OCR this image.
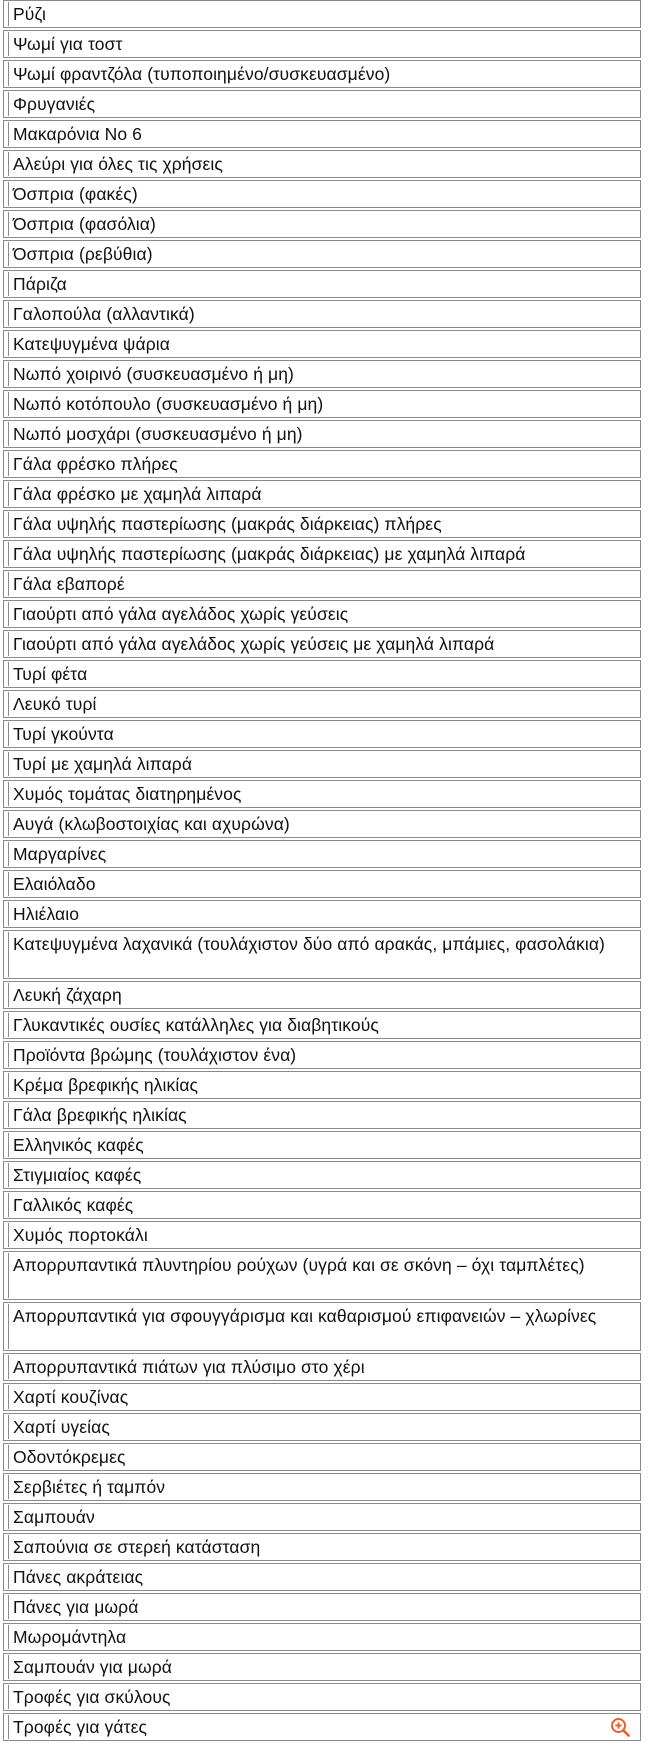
Ρύζι
Ψωμί για τοστ
Ψωμί φραντζόλα (τυποποιημένο/συσκευασμένο)
Φρυγανιές
Μακαρόνια Νο 6
Αλεύρι για όλες τις χρήσεις
Όσπρια (φακές)
Όσπρια (φασόλια)
Όσπρια (ρεβύθια)
Πάριζα
Γαλοπούλα (αλλαντικά)
Κατεψυγμένα ψάρια
Νωπό χοιρινό (συσκευασμένο ή μη)
Νωπό κοτόπουλο (συσκευασμένο ή μη)
Νωπό μοσχάρι (συσκευασμένο ή μη)
Γάλα φρέσκο πλήρες
Γάλα φρέσκο με χαμηλά λιπαρά
Γάλα υψηλής παστερίωσης (μακράς διάρκειας) πλήρες
Γάλα υψηλής παστερίωσης (μακράς διάρκειας) με χαμηλά λιπαρά
Γάλα εβαπορέ
Γιαούρτι από γάλα αγελάδος χωρίς γεύσεις
Γιαούρτι από γάλα αγελάδος χωρίς γεύσεις με χαμηλά λιπαρά
Τυρί φέτα
Λευκό τυρί
Τυρί γκούντα
Τυρί με χαμηλά λιπαρά
Χυμός τομάτας διατηρημένος
Αυγά (κλωβοστοιχίας και αχυρώνα)
Μαργαρίνες
Ελαιόλαδο
Ηλιέλαιο
Κατεψυγμένα λαχανικά (τουλάχιστον δύο από αρακάς, μπάμιες, φασολάκια)
Λευκή ζάχαρη
Γλυκαντικές ουσίες κατάλληλες για διαβητικούς
Προϊόντα βρώμης (τουλάχιστον ένα)
Κρέμα βρεφικής ηλικίας
Γάλα βρεφικής ηλικίας
Ελληνικός καφές
Στιγμιαίος καφές
Γαλλικός καφές
Χυμός πορτοκάλι
Απορρυπαντικά πλυντηρίου ρούχων (υγρά και σε σκόνη – όχι ταμπλέτες)
Απορρυπαντικά για σφουγγάρισμα και καθαρισμού επιφανειών – χλωρίνες
Απορρυπαντικά πιάτων για πλύσιμο στο χέρι
Χαρτί κουζίνας
Χαρτί υγείας
Οδοντόκρεμες
Σερβιέτες ή ταμπόν
Σαμπουάν
Σαπούνια σε στερεή κατάσταση
Πάνες ακράτειας
Πάνες για μωρά
Μωρομάντηλα
Σαμπουάν για μωρά
Τροφές για σκύλους
Τροφές για γάτες
